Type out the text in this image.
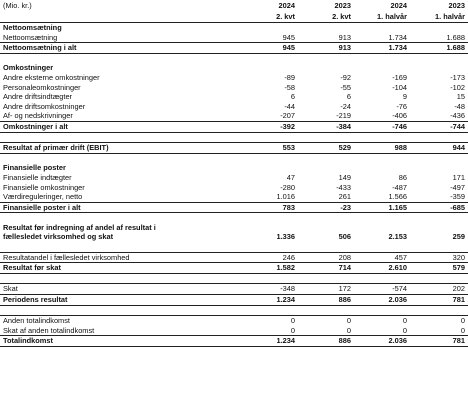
(Mio. kr.)	2024	2023	2024	2023
	2. kvt	2. kvt	1. halvår	1. halvår
Nettoomsætning				
Nettoomsætning	945	913	1.734	1.688
Nettoomsætning i alt	945	913	1.734	1.688

Omkostninger				
Andre eksterne omkostninger	-89	-92	-169	-173
Personaleomkostninger	-58	-55	-104	-102
Andre driftsindtægter	6	6	9	15
Andre driftsomkostninger	-44	-24	-76	-48
Af- og nedskrivninger	-207	-219	-406	-436
Omkostninger i alt	-392	-384	-746	-744

Resultat af primær drift (EBIT)	553	529	988	944

Finansielle poster				
Finansielle indtægter	47	149	86	171
Finansielle omkostninger	-280	-433	-487	-497
Værdireguleringer, netto	1.016	261	1.566	-359
Finansielle poster i alt	783	-23	1.165	-685

Resultat før indregning af andel af resultat i				
fællesledet virksomhed og skat	1.336	506	2.153	259

Resultatandel i fællesledet virksomhed	246	208	457	320
Resultat før skat	1.582	714	2.610	579

Skat	-348	172	-574	202
Periodens resultat	1.234	886	2.036	781

Anden totalindkomst	0	0	0	0
Skat af anden totalindkomst	0	0	0	0
Totalindkomst	1.234	886	2.036	781
